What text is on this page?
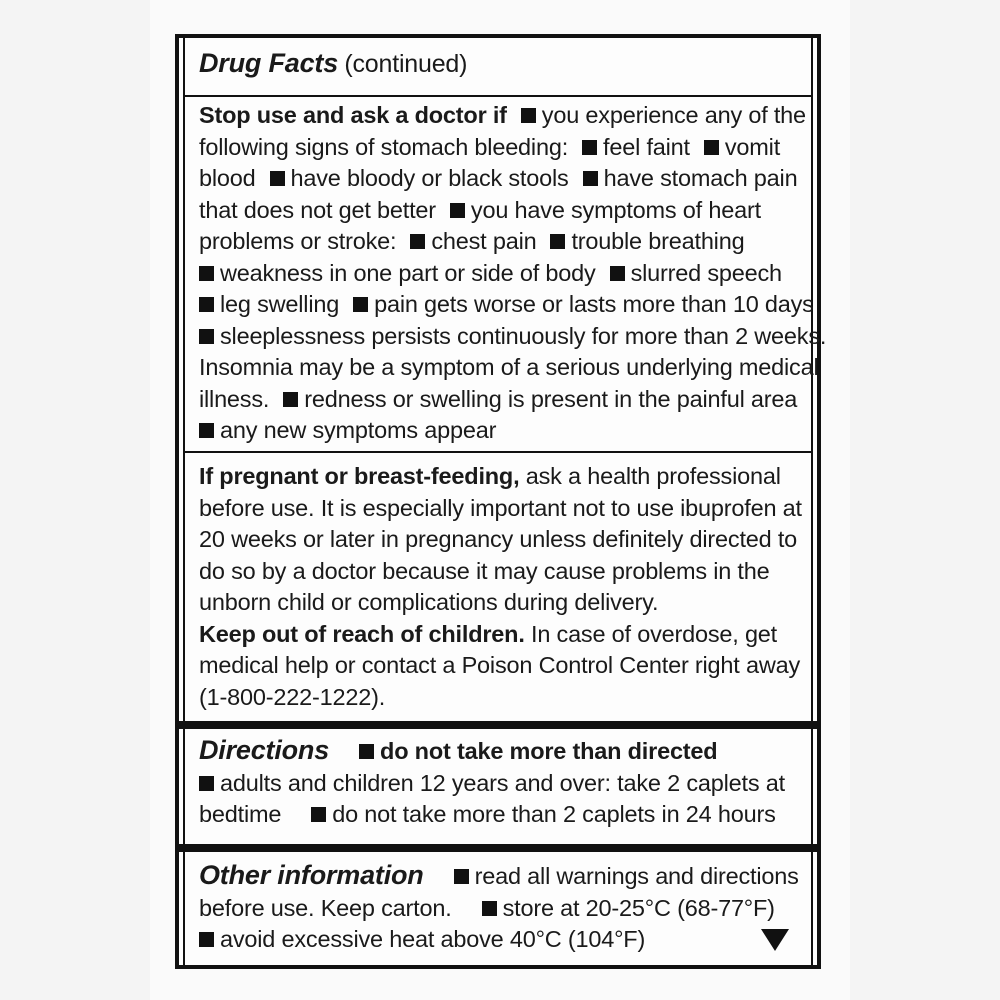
Drug Facts (continued)
Stop use and ask a doctor if you experience any of the
following signs of stomach bleeding: feel faint vomit
blood have bloody or black stools have stomach pain
that does not get better you have symptoms of heart
problems or stroke: chest pain trouble breathing
weakness in one part or side of body slurred speech
leg swelling pain gets worse or lasts more than 10 days
sleeplessness persists continuously for more than 2 weeks.
Insomnia may be a symptom of a serious underlying medical
illness. redness or swelling is present in the painful area
any new symptoms appear
If pregnant or breast-feeding, ask a health professional
before use. It is especially important not to use ibuprofen at
20 weeks or later in pregnancy unless definitely directed to
do so by a doctor because it may cause problems in the
unborn child or complications during delivery.
Keep out of reach of children. In case of overdose, get
medical help or contact a Poison Control Center right away
(1-800-222-1222).
Directions do not take more than directed
adults and children 12 years and over: take 2 caplets at
bedtime do not take more than 2 caplets in 24 hours
Other information read all warnings and directions
before use. Keep carton. store at 20-25°C (68-77°F)
avoid excessive heat above 40°C (104°F)
